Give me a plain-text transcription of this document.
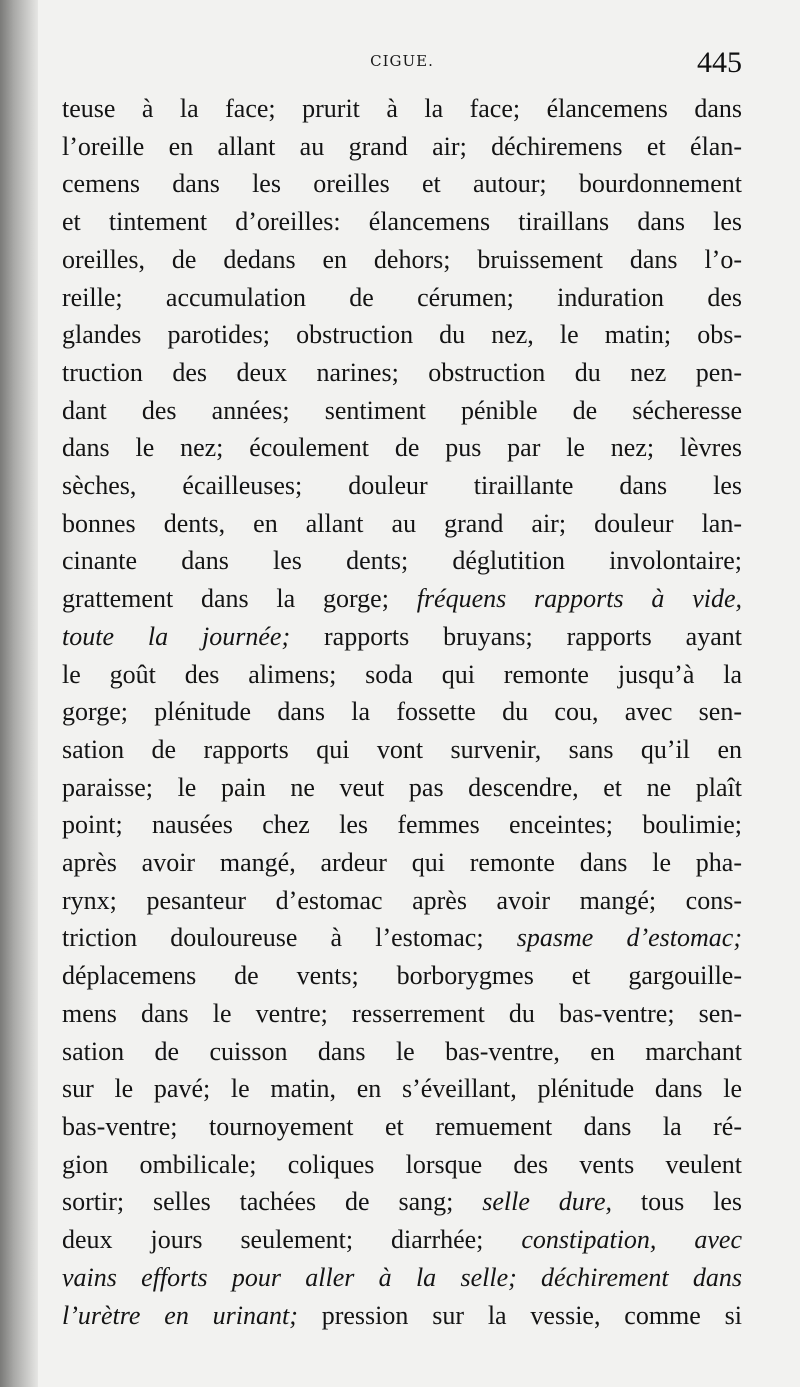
CIGUE.	445
teuse à la face; prurit à la face; élancemens dans
l’oreille en allant au grand air; déchiremens et élan-
cemens dans les oreilles et autour; bourdonnement
et tintement d’oreilles: élancemens tiraillans dans les
oreilles, de dedans en dehors; bruissement dans l’o-
reille; accumulation de cérumen; induration des
glandes parotides; obstruction du nez, le matin; obs-
truction des deux narines; obstruction du nez pen-
dant des années; sentiment pénible de sécheresse
dans le nez; écoulement de pus par le nez; lèvres
sèches, écailleuses; douleur tiraillante dans les
bonnes dents, en allant au grand air; douleur lan-
cinante dans les dents; déglutition involontaire;
grattement dans la gorge; fréquens rapports à vide,
toute la journée; rapports bruyans; rapports ayant
le goût des alimens; soda qui remonte jusqu’à la
gorge; plénitude dans la fossette du cou, avec sen-
sation de rapports qui vont survenir, sans qu’il en
paraisse; le pain ne veut pas descendre, et ne plaît
point; nausées chez les femmes enceintes; boulimie;
après avoir mangé, ardeur qui remonte dans le pha-
rynx; pesanteur d’estomac après avoir mangé; cons-
triction douloureuse à l’estomac; spasme d’estomac;
déplacemens de vents; borborygmes et gargouille-
mens dans le ventre; resserrement du bas-ventre; sen-
sation de cuisson dans le bas-ventre, en marchant
sur le pavé; le matin, en s’éveillant, plénitude dans le
bas-ventre; tournoyement et remuement dans la ré-
gion ombilicale; coliques lorsque des vents veulent
sortir; selles tachées de sang; selle dure, tous les
deux jours seulement; diarrhée; constipation, avec
vains efforts pour aller à la selle; déchirement dans
l’urètre en urinant; pression sur la vessie, comme si
